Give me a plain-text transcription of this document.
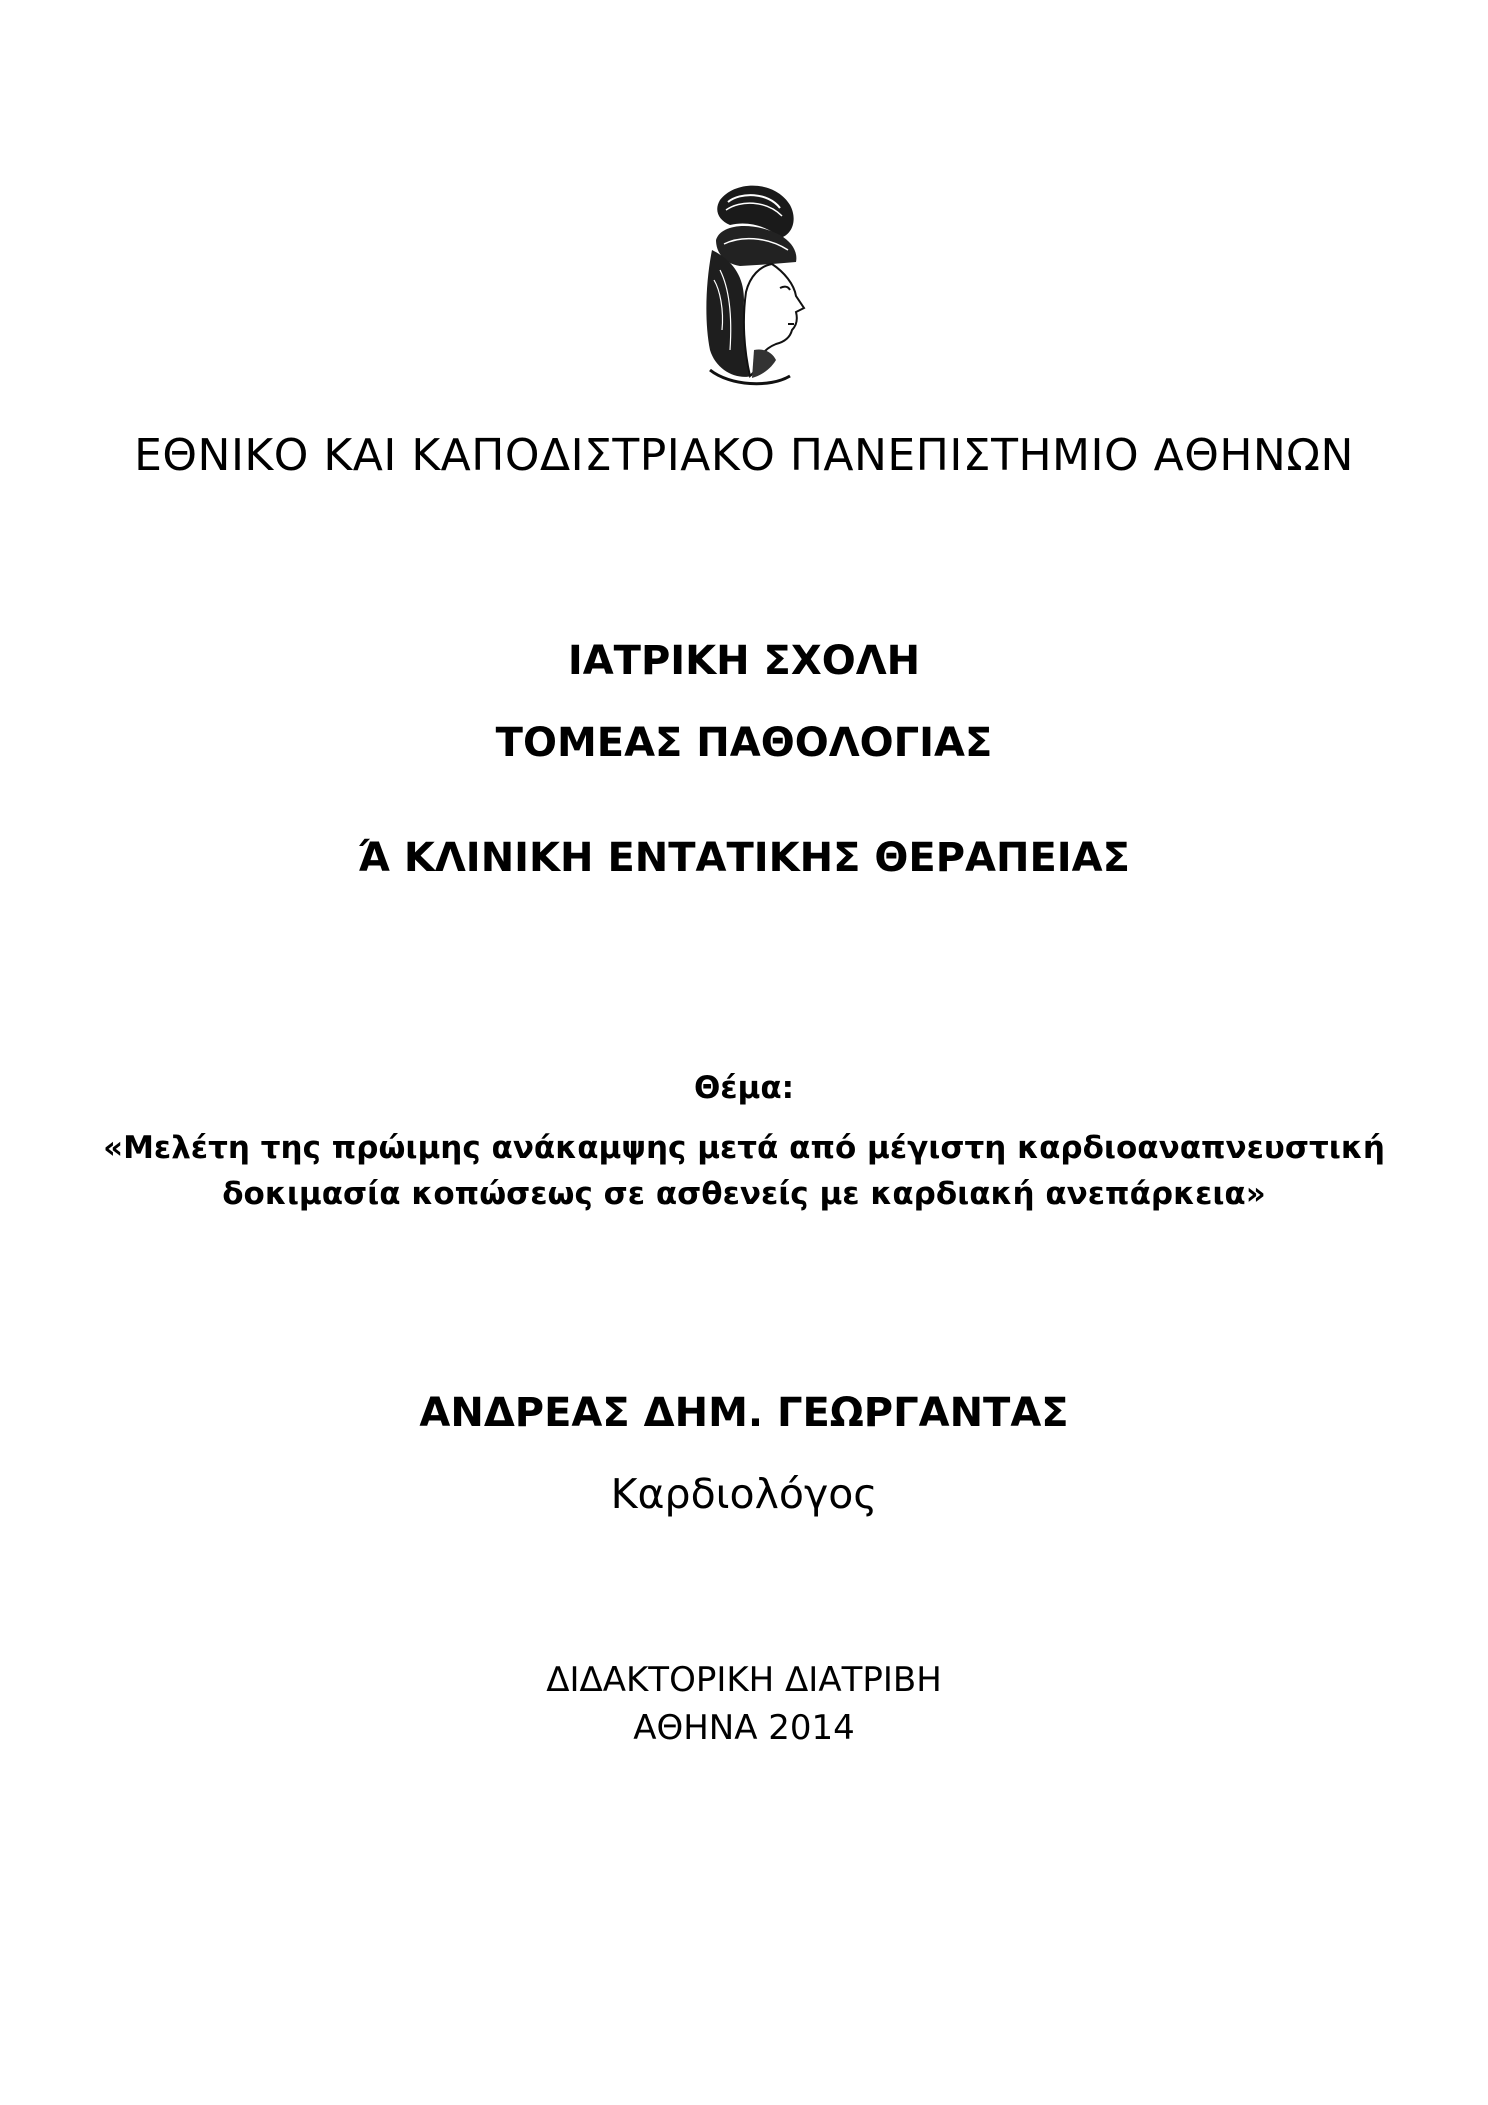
ΕΘΝΙΚΟ ΚΑΙ ΚΑΠΟΔΙΣΤΡΙΑΚΟ ΠΑΝΕΠΙΣΤΗΜΙΟ ΑΘΗΝΩΝ
ΙΑΤΡΙΚΗ ΣΧΟΛΗ
ΤΟΜΕΑΣ ΠΑΘΟΛΟΓΙΑΣ
Ά ΚΛΙΝΙΚΗ ΕΝΤΑΤΙΚΗΣ ΘΕΡΑΠΕΙΑΣ

Θέμα:

«Μελέτη της πρώιμης ανάκαμψης μετά από μέγιστη καρδιοαναπνευστική

δοκιμασία κοπώσεως σε ασθενείς με καρδιακή ανεπάρκεια»

ΑΝΔΡΕΑΣ ΔΗΜ. ΓΕΩΡΓΑΝΤΑΣ

Καρδιολόγος

ΔΙΔΑΚΤΟΡΙΚΗ ΔΙΑΤΡΙΒΗ

ΑΘΗΝΑ 2014
